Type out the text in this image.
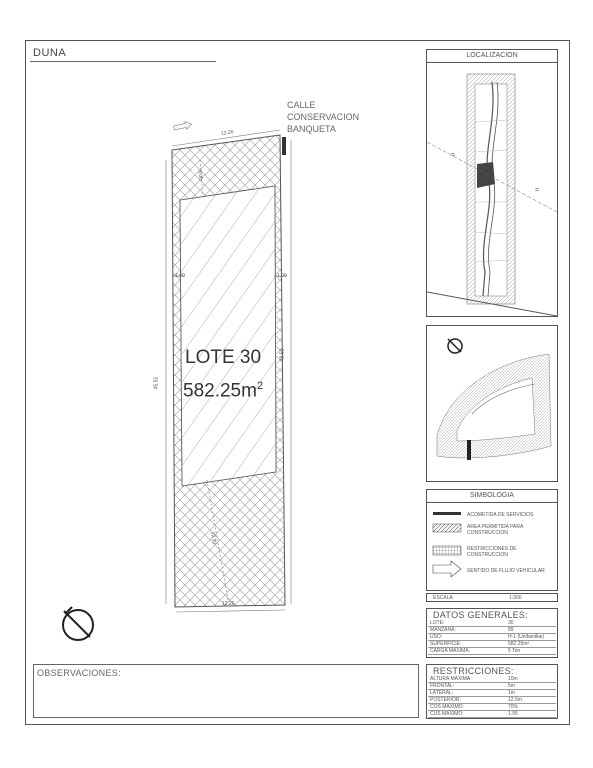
DUNA
CALLE
CONSERVACION
BANQUETA
12.26
12.26
45.51
48.52
5.00
12.30
1.00	1.00
LOTE 30
$582.25m^2$
LOCALIZACION
=
=
SIMBOLOGIA
ACOMETIDA DE SERVICIOS
AREA PERMITIDA PARA
CONSTRUCCION
RESTRICCIONES DE
CONSTRUCCION
SENTIDO DE FLUJO VEHICULAR
ESCALA	1:300
DATOS GENERALES:
LOTE:	30
MANZANA:	89
USO:	H-1 (Unifamiliar)
SUPERFICIE:	582.25m²
CARGA MAXIMA:	5 Ton
RESTRICCIONES:
ALTURA MAXIMA:	10m
FRONTAL:	5m
LATERAL:	1m
POSTERIOR:	12.5m
COS MAXIMO:	70%
CUS MAXIMO:	1.95
OBSERVACIONES:
